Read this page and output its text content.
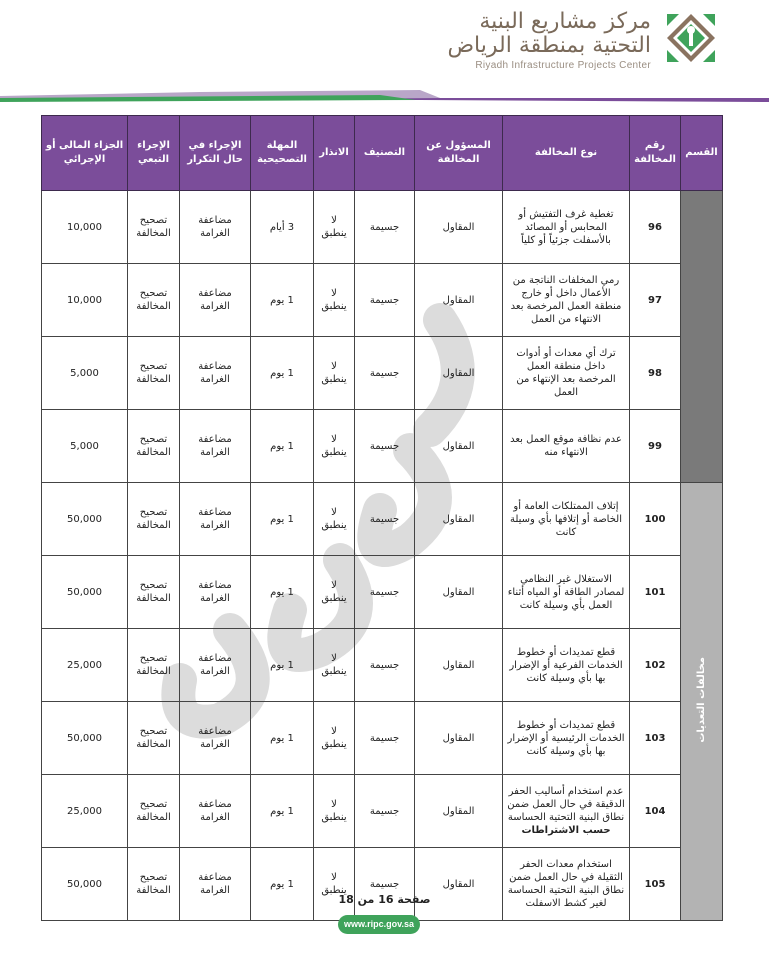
مركز مشاريع البنية
التحتية بمنطقة الرياض
Riyadh Infrastructure Projects Center
القسم	رقم المخالفة	نوع المخالفة	المسؤول عن المخالفة	التصنيف	الانذار	المهلة التصحيحية	الإجراء في حال التكرار	الإجراء التبعي	الجزاء المالى أو الإجرائي
	96	تغطية غرف التفتيش أو المحابس أو المصائد بالأسفلت جزئياً أو كلياً	المقاول	جسيمة	لا ينطبق	3 أيام	مضاعفة الغرامة	تصحيح المخالفة	10,000
	97	رمي المخلفات الناتجة من الأعمال داخل أو خارج منطقة العمل المرخصة بعد الانتهاء من العمل	المقاول	جسيمة	لا ينطبق	1 يوم	مضاعفة الغرامة	تصحيح المخالفة	10,000
	98	ترك أي معدات أو أدوات داخل منطقة العمل المرخصة بعد الإنتهاء من العمل	المقاول	جسيمة	لا ينطبق	1 يوم	مضاعفة الغرامة	تصحيح المخالفة	5,000
	99	عدم نظافة موقع العمل بعد الانتهاء منه	المقاول	جسيمة	لا ينطبق	1 يوم	مضاعفة الغرامة	تصحيح المخالفة	5,000
مخالفات التعديات	100	إتلاف الممتلكات العامة أو الخاصة أو إتلافها بأي وسيلة كانت	المقاول	جسيمة	لا ينطبق	1 يوم	مضاعفة الغرامة	تصحيح المخالفة	50,000
	101	الاستغلال غير النظامي لمصادر الطاقة أو المياه أثناء العمل بأي وسيلة كانت	المقاول	جسيمة	لا ينطبق	1 يوم	مضاعفة الغرامة	تصحيح المخالفة	50,000
	102	قطع تمديدات أو خطوط الخدمات الفرعية أو الإضرار بها بأي وسيلة كانت	المقاول	جسيمة	لا ينطبق	1 يوم	مضاعفة الغرامة	تصحيح المخالفة	25,000
	103	قطع تمديدات أو خطوط الخدمات الرئيسية أو الإضرار بها بأي وسيلة كانت	المقاول	جسيمة	لا ينطبق	1 يوم	مضاعفة الغرامة	تصحيح المخالفة	50,000
	104	عدم استخدام أساليب الحفر الدقيقة في حال العمل ضمن نطاق البنية التحتية الحساسة حسب الاشتراطات	المقاول	جسيمة	لا ينطبق	1 يوم	مضاعفة الغرامة	تصحيح المخالفة	25,000
	105	استخدام معدات الحفر الثقيلة في حال العمل ضمن نطاق البنية التحتية الحساسة لغير كشط الاسفلت	المقاول	جسيمة	لا ينطبق	1 يوم	مضاعفة الغرامة	تصحيح المخالفة	50,000
صفحة 16 من 18
www.ripc.gov.sa
